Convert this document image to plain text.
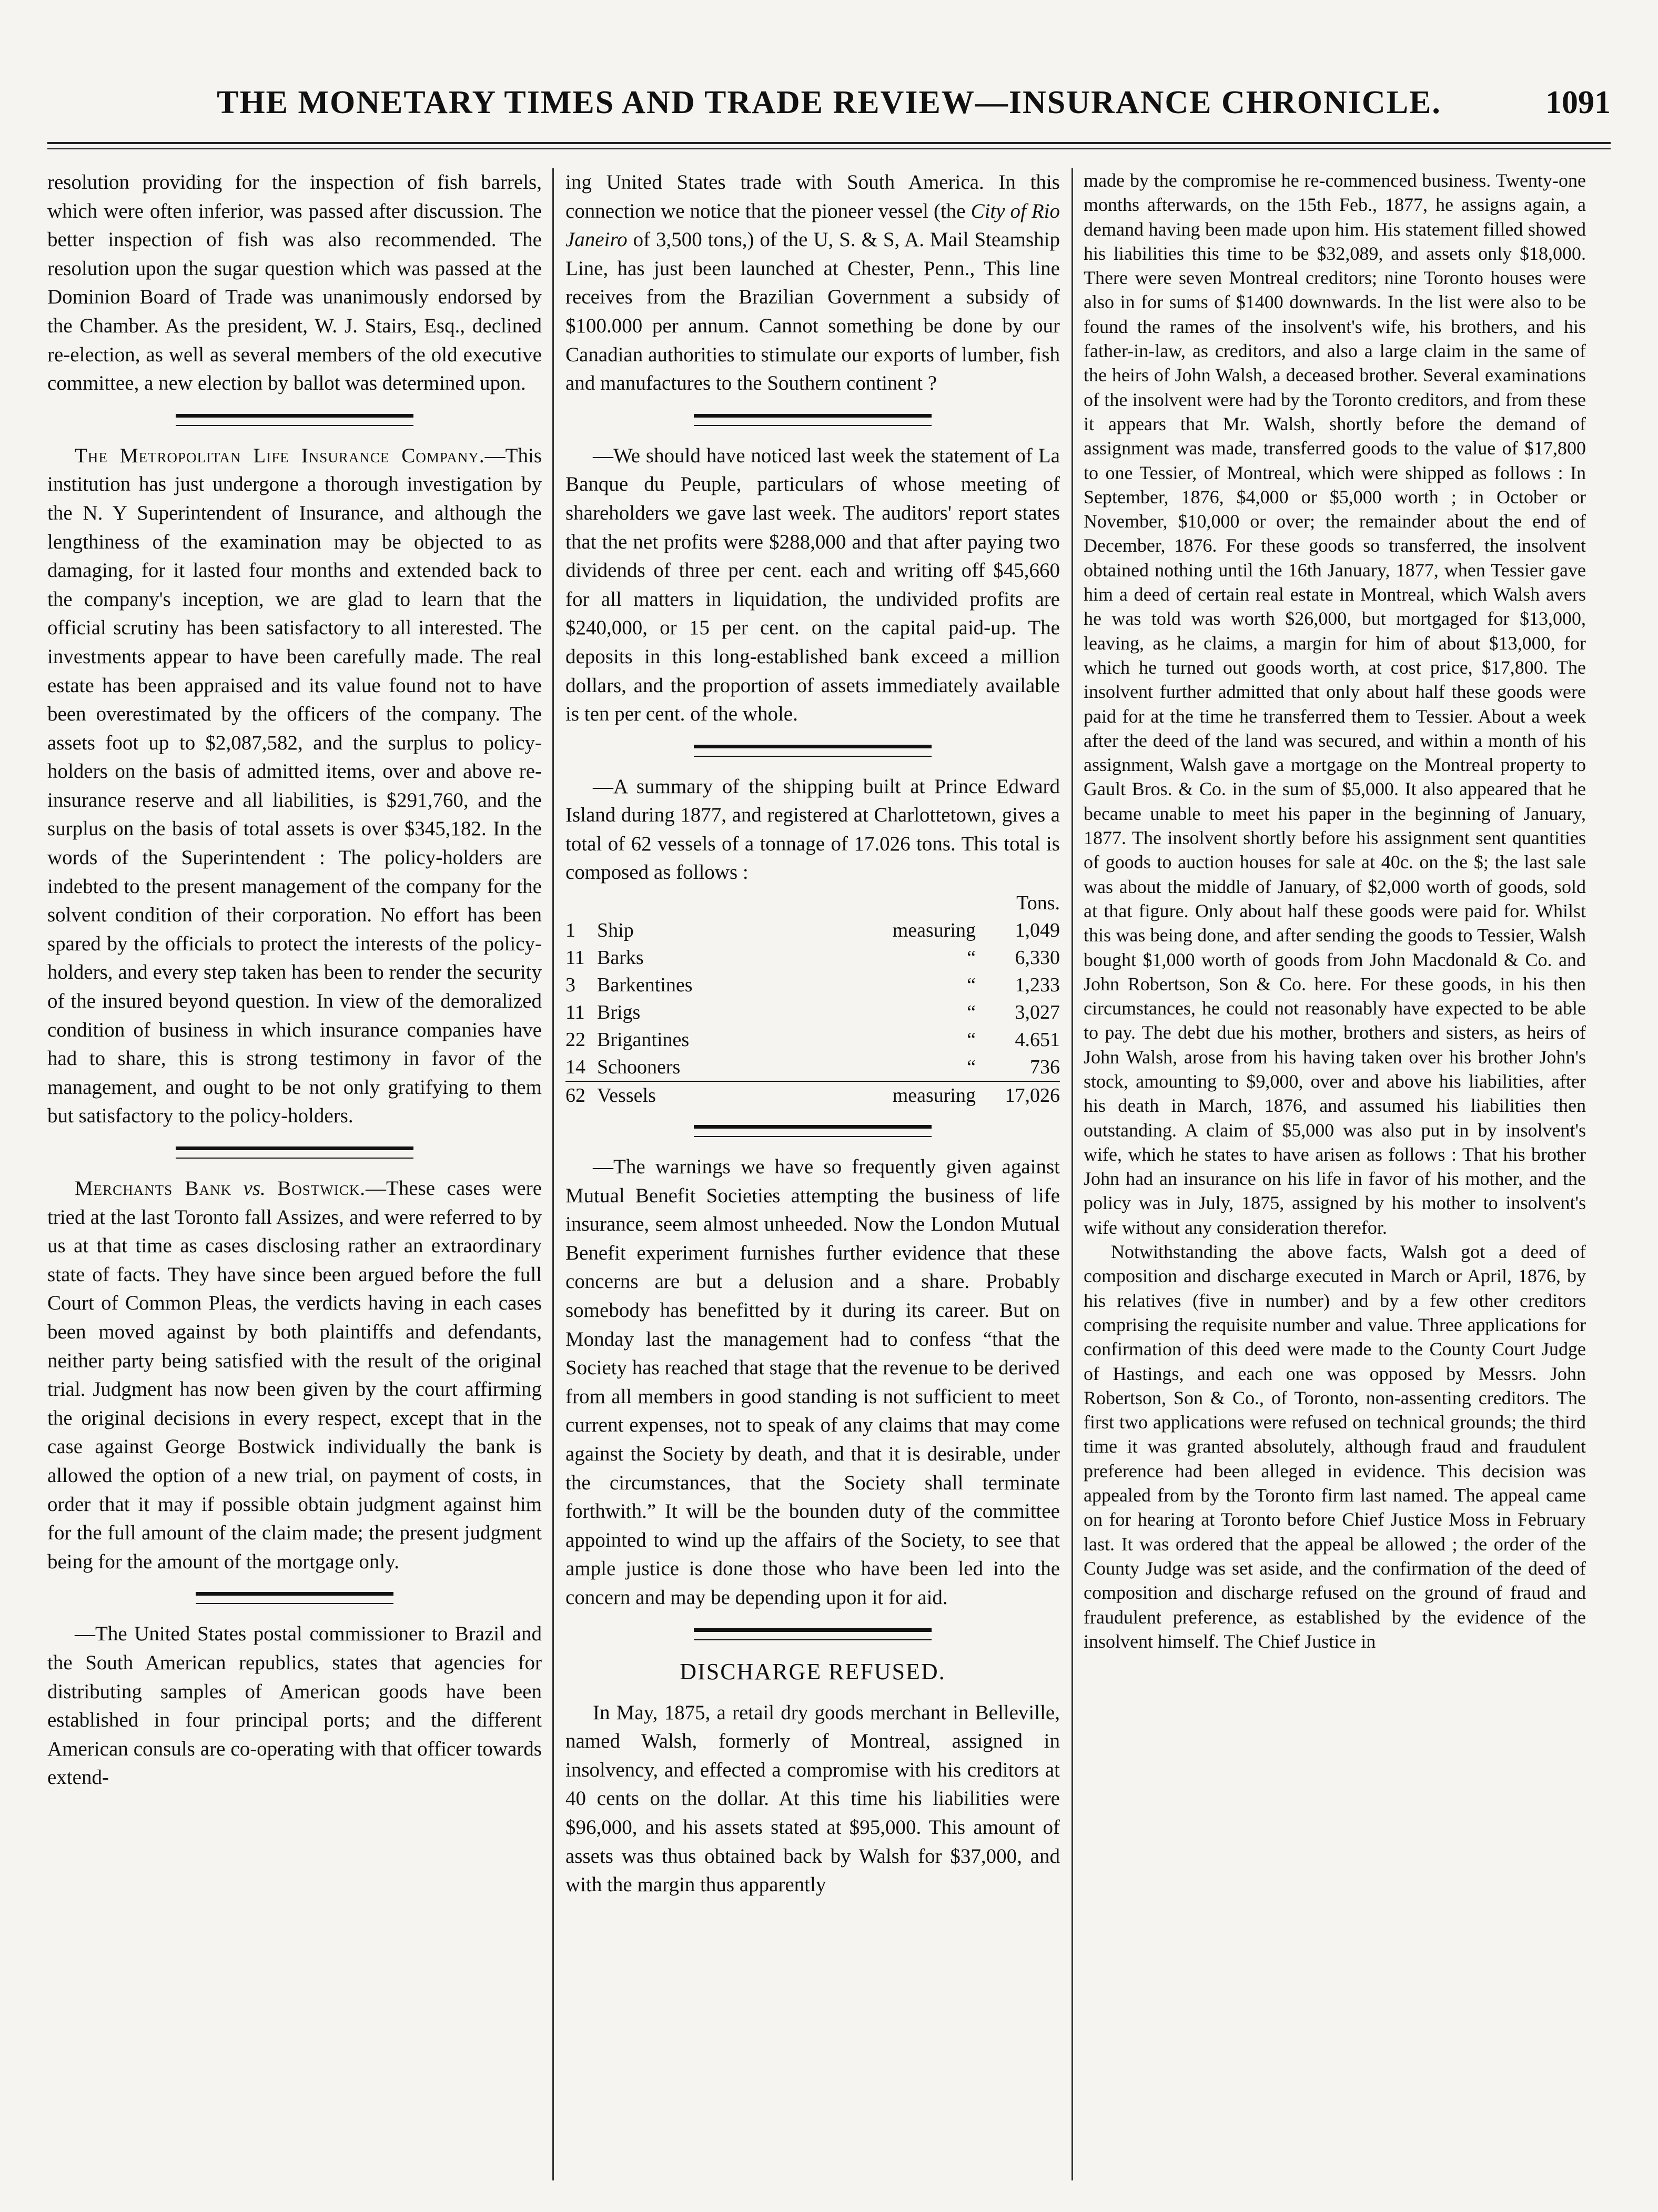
THE MONETARY TIMES AND TRADE REVIEW—INSURANCE CHRONICLE.	1091

resolution providing for the inspection of fish barrels, which were often inferior, was passed after discussion. The better inspection of fish was also recommended. The resolution upon the sugar question which was passed at the Dominion Board of Trade was unanimously endorsed by the Chamber. As the president, W. J. Stairs, Esq., declined re-election, as well as several members of the old executive committee, a new election by ballot was determined upon.

The Metropolitan Life Insurance Company.—This institution has just undergone a thorough investigation by the N. Y Superintendent of Insurance, and although the lengthiness of the examination may be objected to as damaging, for it lasted four months and extended back to the company's inception, we are glad to learn that the official scrutiny has been satisfactory to all interested. The investments appear to have been carefully made. The real estate has been appraised and its value found not to have been overestimated by the officers of the company. The assets foot up to $2,087,582, and the surplus to policy-holders on the basis of admitted items, over and above re-insurance reserve and all liabilities, is $291,760, and the surplus on the basis of total assets is over $345,182. In the words of the Superintendent : The policy-holders are indebted to the present management of the company for the solvent condition of their corporation. No effort has been spared by the officials to protect the interests of the policy-holders, and every step taken has been to render the security of the insured beyond question. In view of the demoralized condition of business in which insurance companies have had to share, this is strong testimony in favor of the management, and ought to be not only gratifying to them but satisfactory to the policy-holders.

Merchants Bank vs. Bostwick.—These cases were tried at the last Toronto fall Assizes, and were referred to by us at that time as cases disclosing rather an extraordinary state of facts. They have since been argued before the full Court of Common Pleas, the verdicts having in each cases been moved against by both plaintiffs and defendants, neither party being satisfied with the result of the original trial. Judgment has now been given by the court affirming the original decisions in every respect, except that in the case against George Bostwick individually the bank is allowed the option of a new trial, on payment of costs, in order that it may if possible obtain judgment against him for the full amount of the claim made; the present judgment being for the amount of the mortgage only.

—The United States postal commissioner to Brazil and the South American republics, states that agencies for distributing samples of American goods have been established in four principal ports; and the different American consuls are co-operating with that officer towards extend-

ing United States trade with South America. In this connection we notice that the pioneer vessel (the City of Rio Janeiro of 3,500 tons,) of the U, S. & S, A. Mail Steamship Line, has just been launched at Chester, Penn., This line receives from the Brazilian Government a subsidy of $100.000 per annum. Cannot something be done by our Canadian authorities to stimulate our exports of lumber, fish and manufactures to the Southern continent ?

—We should have noticed last week the statement of La Banque du Peuple, particulars of whose meeting of shareholders we gave last week. The auditors' report states that the net profits were $288,000 and that after paying two dividends of three per cent. each and writing off $45,660 for all matters in liquidation, the undivided profits are $240,000, or 15 per cent. on the capital paid-up. The deposits in this long-established bank exceed a million dollars, and the proportion of assets immediately available is ten per cent. of the whole.

—A summary of the shipping built at Prince Edward Island during 1877, and registered at Charlottetown, gives a total of 62 vessels of a tonnage of 17.026 tons. This total is composed as follows :

			Tons.
1	Ship	measuring	1,049
11	Barks	“	6,330
3	Barkentines	“	1,233
11	Brigs	“	3,027
22	Brigantines	“	4.651
14	Schooners	“	736
62	Vessels	measuring	17,026

—The warnings we have so frequently given against Mutual Benefit Societies attempting the business of life insurance, seem almost unheeded. Now the London Mutual Benefit experiment furnishes further evidence that these concerns are but a delusion and a share. Probably somebody has benefitted by it during its career. But on Monday last the management had to confess “that the Society has reached that stage that the revenue to be derived from all members in good standing is not sufficient to meet current expenses, not to speak of any claims that may come against the Society by death, and that it is desirable, under the circumstances, that the Society shall terminate forthwith.” It will be the bounden duty of the committee appointed to wind up the affairs of the Society, to see that ample justice is done those who have been led into the concern and may be depending upon it for aid.

DISCHARGE REFUSED.

In May, 1875, a retail dry goods merchant in Belleville, named Walsh, formerly of Montreal, assigned in insolvency, and effected a compromise with his creditors at 40 cents on the dollar. At this time his liabilities were $96,000, and his assets stated at $95,000. This amount of assets was thus obtained back by Walsh for $37,000, and with the margin thus apparently

made by the compromise he re-commenced business. Twenty-one months afterwards, on the 15th Feb., 1877, he assigns again, a demand having been made upon him. His statement filled showed his liabilities this time to be $32,089, and assets only $18,000. There were seven Montreal creditors; nine Toronto houses were also in for sums of $1400 downwards. In the list were also to be found the rames of the insolvent's wife, his brothers, and his father-in-law, as creditors, and also a large claim in the same of the heirs of John Walsh, a deceased brother. Several examinations of the insolvent were had by the Toronto creditors, and from these it appears that Mr. Walsh, shortly before the demand of assignment was made, transferred goods to the value of $17,800 to one Tessier, of Montreal, which were shipped as follows : In September, 1876, $4,000 or $5,000 worth ; in October or November, $10,000 or over; the remainder about the end of December, 1876. For these goods so transferred, the insolvent obtained nothing until the 16th January, 1877, when Tessier gave him a deed of certain real estate in Montreal, which Walsh avers he was told was worth $26,000, but mortgaged for $13,000, leaving, as he claims, a margin for him of about $13,000, for which he turned out goods worth, at cost price, $17,800. The insolvent further admitted that only about half these goods were paid for at the time he transferred them to Tessier. About a week after the deed of the land was secured, and within a month of his assignment, Walsh gave a mortgage on the Montreal property to Gault Bros. & Co. in the sum of $5,000. It also appeared that he became unable to meet his paper in the beginning of January, 1877. The insolvent shortly before his assignment sent quantities of goods to auction houses for sale at 40c. on the $; the last sale was about the middle of January, of $2,000 worth of goods, sold at that figure. Only about half these goods were paid for. Whilst this was being done, and after sending the goods to Tessier, Walsh bought $1,000 worth of goods from John Macdonald & Co. and John Robertson, Son & Co. here. For these goods, in his then circumstances, he could not reasonably have expected to be able to pay. The debt due his mother, brothers and sisters, as heirs of John Walsh, arose from his having taken over his brother John's stock, amounting to $9,000, over and above his liabilities, after his death in March, 1876, and assumed his liabilities then outstanding. A claim of $5,000 was also put in by insolvent's wife, which he states to have arisen as follows : That his brother John had an insurance on his life in favor of his mother, and the policy was in July, 1875, assigned by his mother to insolvent's wife without any consideration therefor.

Notwithstanding the above facts, Walsh got a deed of composition and discharge executed in March or April, 1876, by his relatives (five in number) and by a few other creditors comprising the requisite number and value. Three applications for confirmation of this deed were made to the County Court Judge of Hastings, and each one was opposed by Messrs. John Robertson, Son & Co., of Toronto, non-assenting creditors. The first two applications were refused on technical grounds; the third time it was granted absolutely, although fraud and fraudulent preference had been alleged in evidence. This decision was appealed from by the Toronto firm last named. The appeal came on for hearing at Toronto before Chief Justice Moss in February last. It was ordered that the appeal be allowed ; the order of the County Judge was set aside, and the confirmation of the deed of composition and discharge refused on the ground of fraud and fraudulent preference, as established by the evidence of the insolvent himself. The Chief Justice in
